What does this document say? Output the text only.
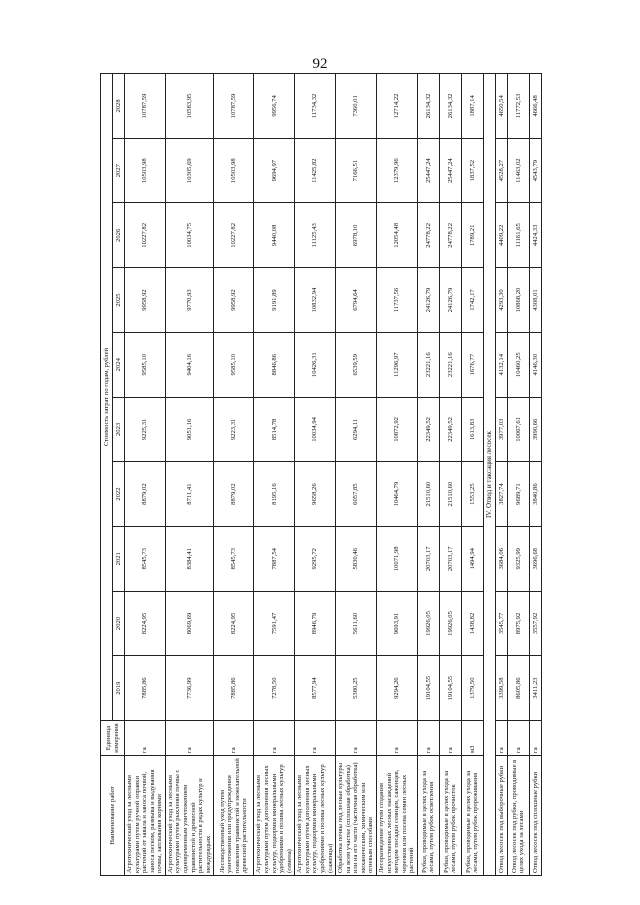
92
Наименование работ	Единица измерения	Стоимость затрат по годам, рублей									
		2019	2020	2021	2022	2023	2024	2025	2026	2027	2028
Агротехнический уход за лесными культурами путем ручной оправки растений от завала и заноса почвой, заноса песком, размыва и выдувания почвы, заплывания корнями	га	7885,86	8224,95	8545,73	8879,02	9225,31	9585,10	9958,92	10227,82	10503,98	10787,59
Агротехнический уход за лесными культурами путем рыхления почвы с одновременным уничтожением травянистой и древесной растительности в рядах культур и междурядьях	га	7736,99	8069,69	8384,41	8711,41	9051,16	9404,16	9770,93	10034,75	10305,69	10583,95
Лесоводственный уход путем уничтожения или предупреждения появления травянистой и нежелательной древесной растительности	га	7885,86	8224,95	8545,73	8879,02	9223,31	9585,10	9958,92	10227,82	10503,98	10787,59
Агротехнический уход за лесными культурами путем дополнения лесных культур, подкормки минеральными удобрениями и полива лесных культур (семена)	га	7278,50	7591,47	7887,54	8195,16	8514,78	8846,86	9191,89	9440,08	9694,97	9956,74
Агротехнический уход за лесными культурами путем дополнения лесных культур, подкормки минеральными удобрениями и полива лесных культур (саженцы)	га	8577,94	8946,79	9295,72	9658,26	10034,94	10426,31	10832,94	11125,43	11425,82	11734,32
Обработка почвы под лесные культуры на всем участке (сплошная обработка) или на его части (частичная обработка) механическим, химическим или огневым способами	га	5380,25	5611,60	5830,46	6057,85	6294,11	6539,59	6794,64	6978,10	7166,51	7360,01
Лесоразведение путем создания искусственных лесных насаждений методом посадки сеянцев, саженцев, черенков или посева семян лесных растений	га	9294,26	9693,91	10071,98	10464,79	10872,92	11296,97	11737,56	12054,48	12379,96	12714,22
Рубки, проводимые в целях ухода за лесами, путем рубок осветления	га	19104,55	19926,05	20703,17	21510,60	22349,52	23221,16	24126,79	24778,22	25447,24	26134,32
Рубки, проводимые в целях ухода за лесами, путем рубок прочисток	га	19104,55	19926,05	20703,17	21510,60	22349,52	23221,16	24126,79	24778,22	25447,24	26134,32
Рубки, проводимые в целях ухода за лесами, путем рубок прореживания	м3	1379,50	1438,82	1494,94	1553,25	1613,83	1676,77	1742,17	1789,21	1837,52	1887,14
IV. Отвод и таксация лесосек											
Отвод лесосек под выборочные рубки	га	3399,58	3545,77	3684,06	3827,74	3977,03	4132,14	4293,30	4409,22	4528,27	4650,54
Отвод лесосек под рубки, проводимые в целях ухода за лесами	га	8605,86	8975,92	9325,99	9689,71	10067,61	10460,25	10868,20	11161,65	11463,02	11772,53
Отвод лесосек под сплошные рубки	га	3411,23	3557,92	3696,68	3840,86	3990,66	4146,30	4308,01	4424,33	4543,79	4666,48
